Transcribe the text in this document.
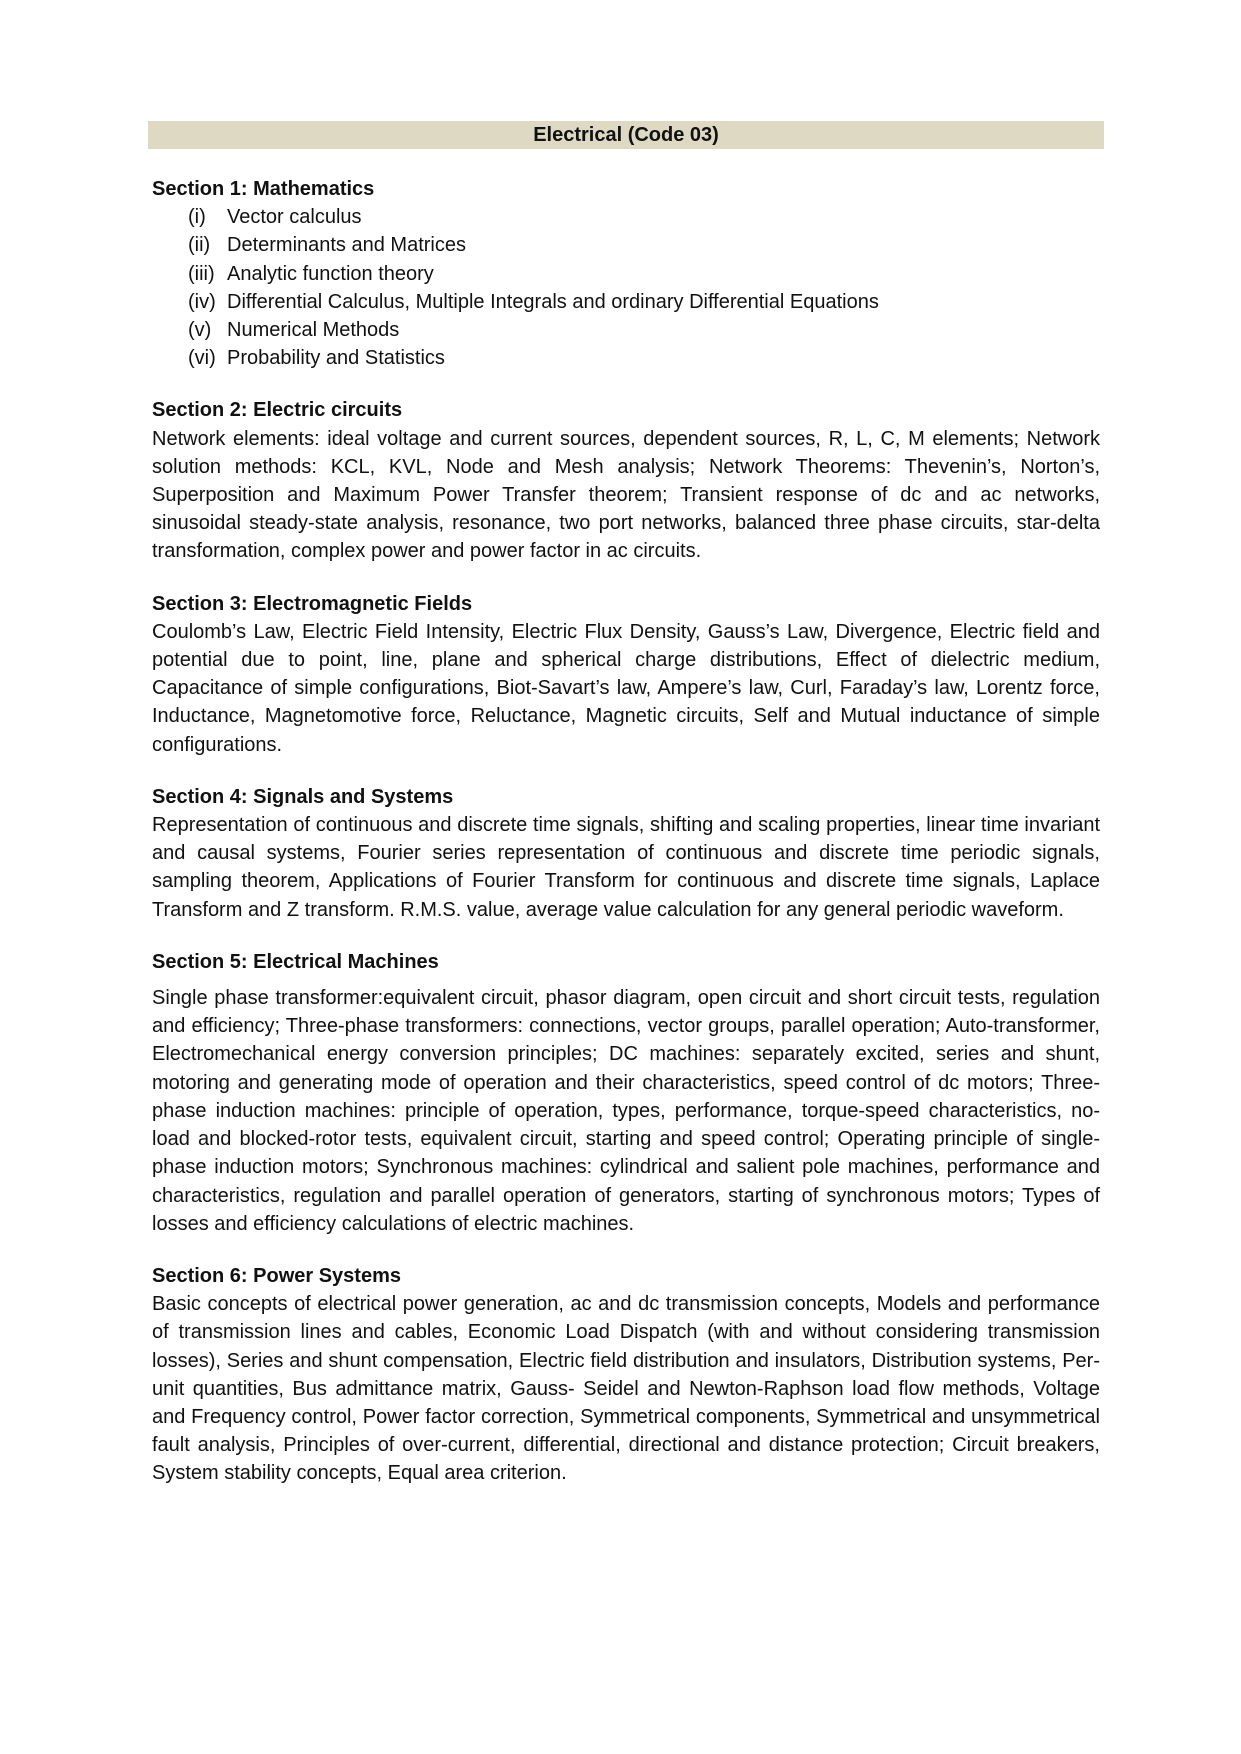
Electrical (Code 03)

Section 1: Mathematics

(i)	Vector calculus
(ii) Determinants and Matrices
(iii) Analytic function theory
(iv) Differential Calculus, Multiple Integrals and ordinary Differential Equations
(v) Numerical Methods
(vi) Probability and Statistics

Section 2: Electric circuits

Network elements: ideal voltage and current sources, dependent sources, R, L, C, M elements; Network solution methods: KCL, KVL, Node and Mesh analysis; Network Theorems: Thevenin’s, Norton’s, Superposition and Maximum Power Transfer theorem; Transient response of dc and ac networks, sinusoidal steady-state analysis, resonance, two port networks, balanced three phase circuits, star-delta transformation, complex power and power factor in ac circuits.

Section 3: Electromagnetic Fields

Coulomb’s Law, Electric Field Intensity, Electric Flux Density, Gauss’s Law, Divergence, Electric field and potential due to point, line, plane and spherical charge distributions, Effect of dielectric medium, Capacitance of simple configurations, Biot-Savart’s law, Ampere’s law, Curl, Faraday’s law, Lorentz force, Inductance, Magnetomotive force, Reluctance, Magnetic circuits, Self and Mutual inductance of simple configurations.

Section 4: Signals and Systems

Representation of continuous and discrete time signals, shifting and scaling properties, linear time invariant and causal systems, Fourier series representation of continuous and discrete time periodic signals, sampling theorem, Applications of Fourier Transform for continuous and discrete time signals, Laplace Transform and Z transform. R.M.S. value, average value calculation for any general periodic waveform.

Section 5: Electrical Machines

Single phase transformer:equivalent circuit, phasor diagram, open circuit and short circuit tests, regulation and efficiency; Three-phase transformers: connections, vector groups, parallel operation; Auto-transformer, Electromechanical energy conversion principles; DC machines: separately excited, series and shunt, motoring and generating mode of operation and their characteristics, speed control of dc motors; Three-phase induction machines: principle of operation, types, performance, torque-speed characteristics, no-load and blocked-rotor tests, equivalent circuit, starting and speed control; Operating principle of single-phase induction motors; Synchronous machines: cylindrical and salient pole machines, performance and characteristics, regulation and parallel operation of generators, starting of synchronous motors; Types of losses and efficiency calculations of electric machines.

Section 6: Power Systems

Basic concepts of electrical power generation, ac and dc transmission concepts, Models and performance of transmission lines and cables, Economic Load Dispatch (with and without considering transmission losses), Series and shunt compensation, Electric field distribution and insulators, Distribution systems, Per-unit quantities, Bus admittance matrix, Gauss- Seidel and Newton-Raphson load flow methods, Voltage and Frequency control, Power factor correction, Symmetrical components, Symmetrical and unsymmetrical fault analysis, Principles of over-current, differential, directional and distance protection; Circuit breakers, System stability concepts, Equal area criterion.
